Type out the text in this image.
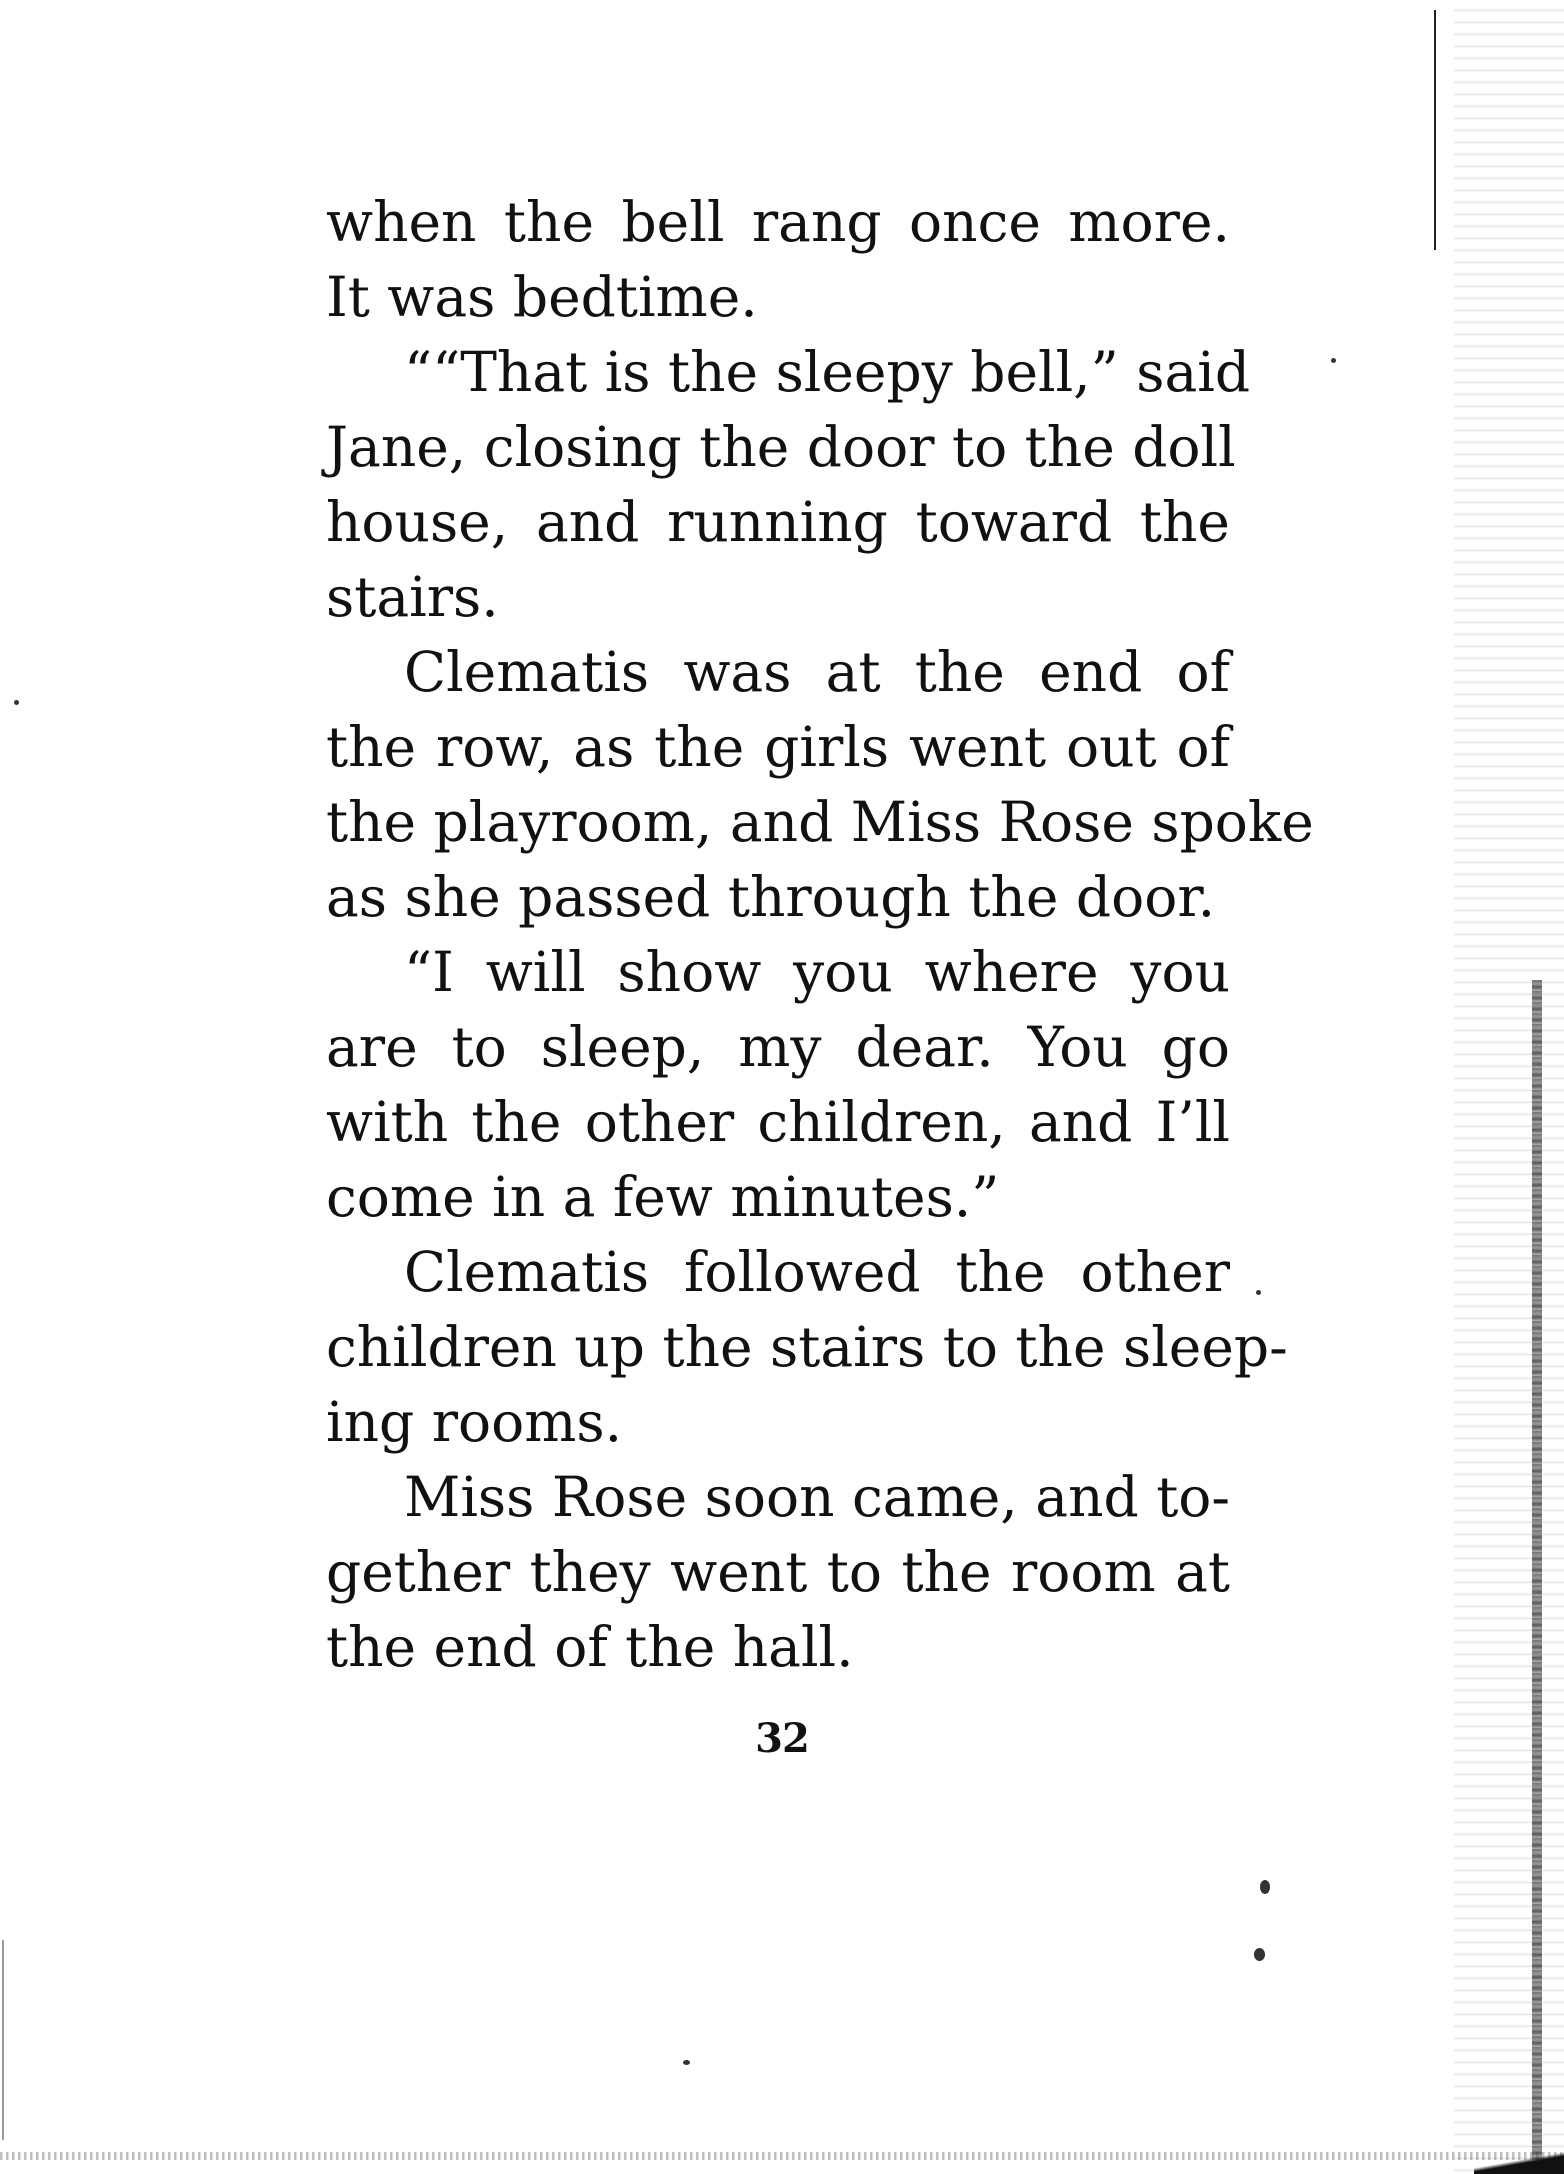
when the bell rang once more.
It was bedtime.
““That is the sleepy bell,” said
Jane, closing the door to the doll
house, and running toward the
stairs.
Clematis was at the end of
the row, as the girls went out of
the playroom, and Miss Rose spoke
as she passed through the door.
“I will show you where you
are to sleep, my dear. You go
with the other children, and I’ll
come in a few minutes.”
Clematis followed the other
children up the stairs to the sleep-
ing rooms.
Miss Rose soon came, and to-
gether they went to the room at
the end of the hall.
32
